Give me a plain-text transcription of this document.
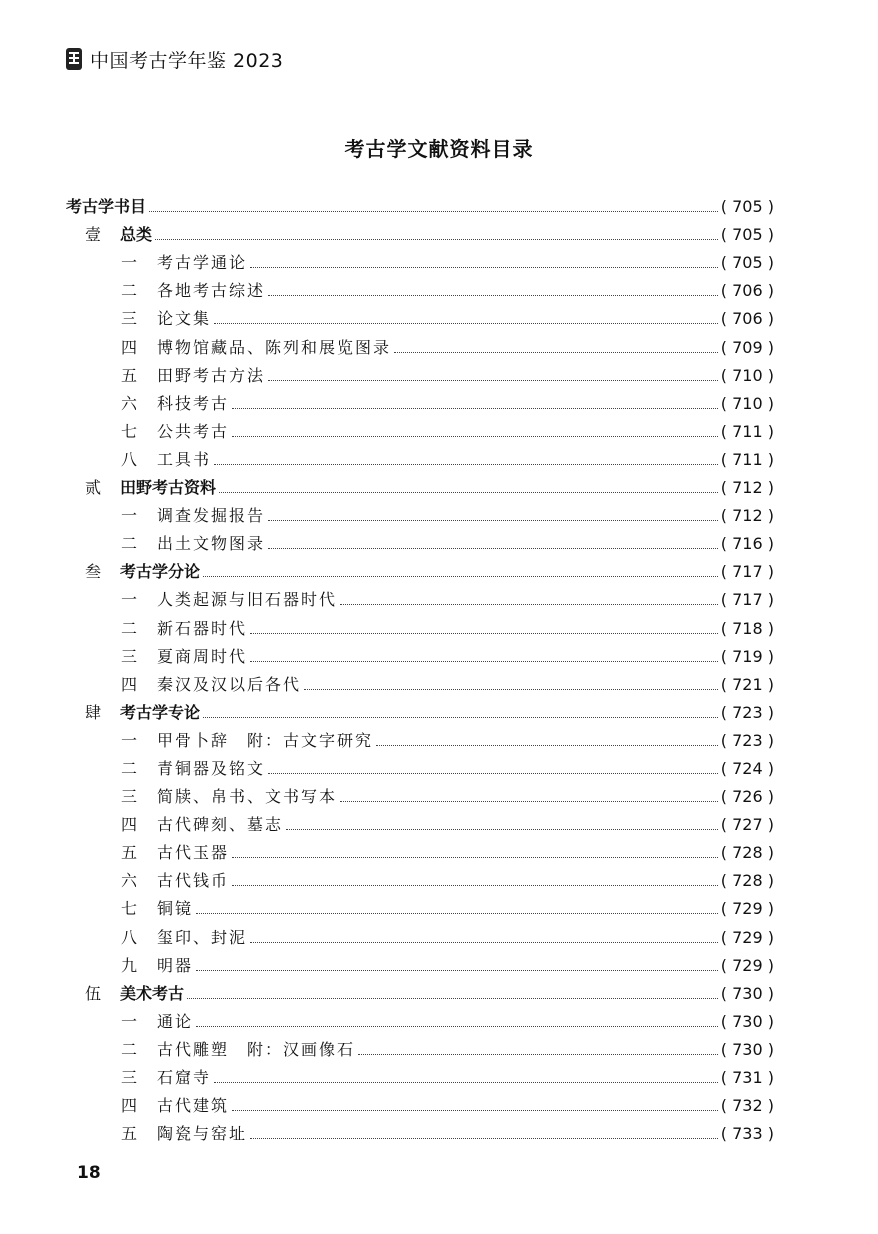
中国考古学年鉴 2023
考古学文献资料目录
考古学书目	( 705 )
壹	总类	( 705 )
一	考古学通论	( 705 )
二	各地考古综述	( 706 )
三	论文集	( 706 )
四	博物馆藏品、陈列和展览图录	( 709 )
五	田野考古方法	( 710 )
六	科技考古	( 710 )
七	公共考古	( 711 )
八	工具书	( 711 )
贰	田野考古资料	( 712 )
一	调查发掘报告	( 712 )
二	出土文物图录	( 716 )
叁	考古学分论	( 717 )
一	人类起源与旧石器时代	( 717 )
二	新石器时代	( 718 )
三	夏商周时代	( 719 )
四	秦汉及汉以后各代	( 721 )
肆	考古学专论	( 723 )
一	甲骨卜辞　附：古文字研究	( 723 )
二	青铜器及铭文	( 724 )
三	简牍、帛书、文书写本	( 726 )
四	古代碑刻、墓志	( 727 )
五	古代玉器	( 728 )
六	古代钱币	( 728 )
七	铜镜	( 729 )
八	玺印、封泥	( 729 )
九	明器	( 729 )
伍	美术考古	( 730 )
一	通论	( 730 )
二	古代雕塑　附：汉画像石	( 730 )
三	石窟寺	( 731 )
四	古代建筑	( 732 )
五	陶瓷与窑址	( 733 )
18
